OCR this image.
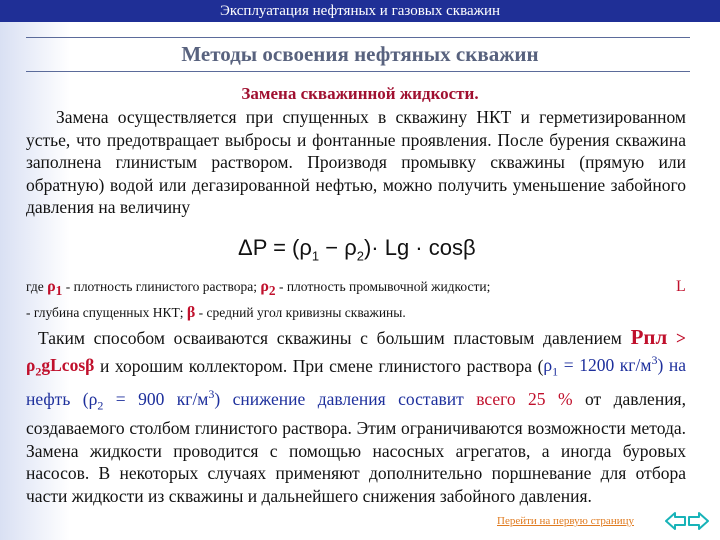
Эксплуатация нефтяных и газовых скважин
Методы освоения нефтяных скважин
Замена скважинной жидкости.

Замена осуществляется при спущенных в скважину НКТ и герметизированном устье, что предотвращает выбросы и фонтанные проявления. После бурения скважина заполнена глинистым раствором. Производя промывку скважины (прямую или обратную) водой или дегазированной нефтью, можно получить уменьшение забойного давления на величину

$\Delta P = (\rho_1 - \rho_2)\cdot Lg \cdot \cos\beta$
где $\rho_1$ - плотность глинистого раствора; $\rho_2$ - плотность промывочной жидкости;
- глубина спущенных НКТ; β - средний угол кривизны скважины.
L

Таким способом осваиваются скважины с большим пластовым давлением Pпл > $\rho_2gLcos\beta$ и хорошим коллектором. При смене глинистого раствора ($\rho_1 = 1200$ $кг/м^3$) на нефть ($\rho_2 = 900$ $кг/м^3$) снижение давления составит всего 25 % от давления, создаваемого столбом глинистого раствора. Этим ограничиваются возможности метода. Замена жидкости проводится с помощью насосных агрегатов, а иногда буровых насосов. В некоторых случаях применяют дополнительно поршневание для отбора части жидкости из скважины и дальнейшего снижения забойного давления.

Перейти на первую страницу
